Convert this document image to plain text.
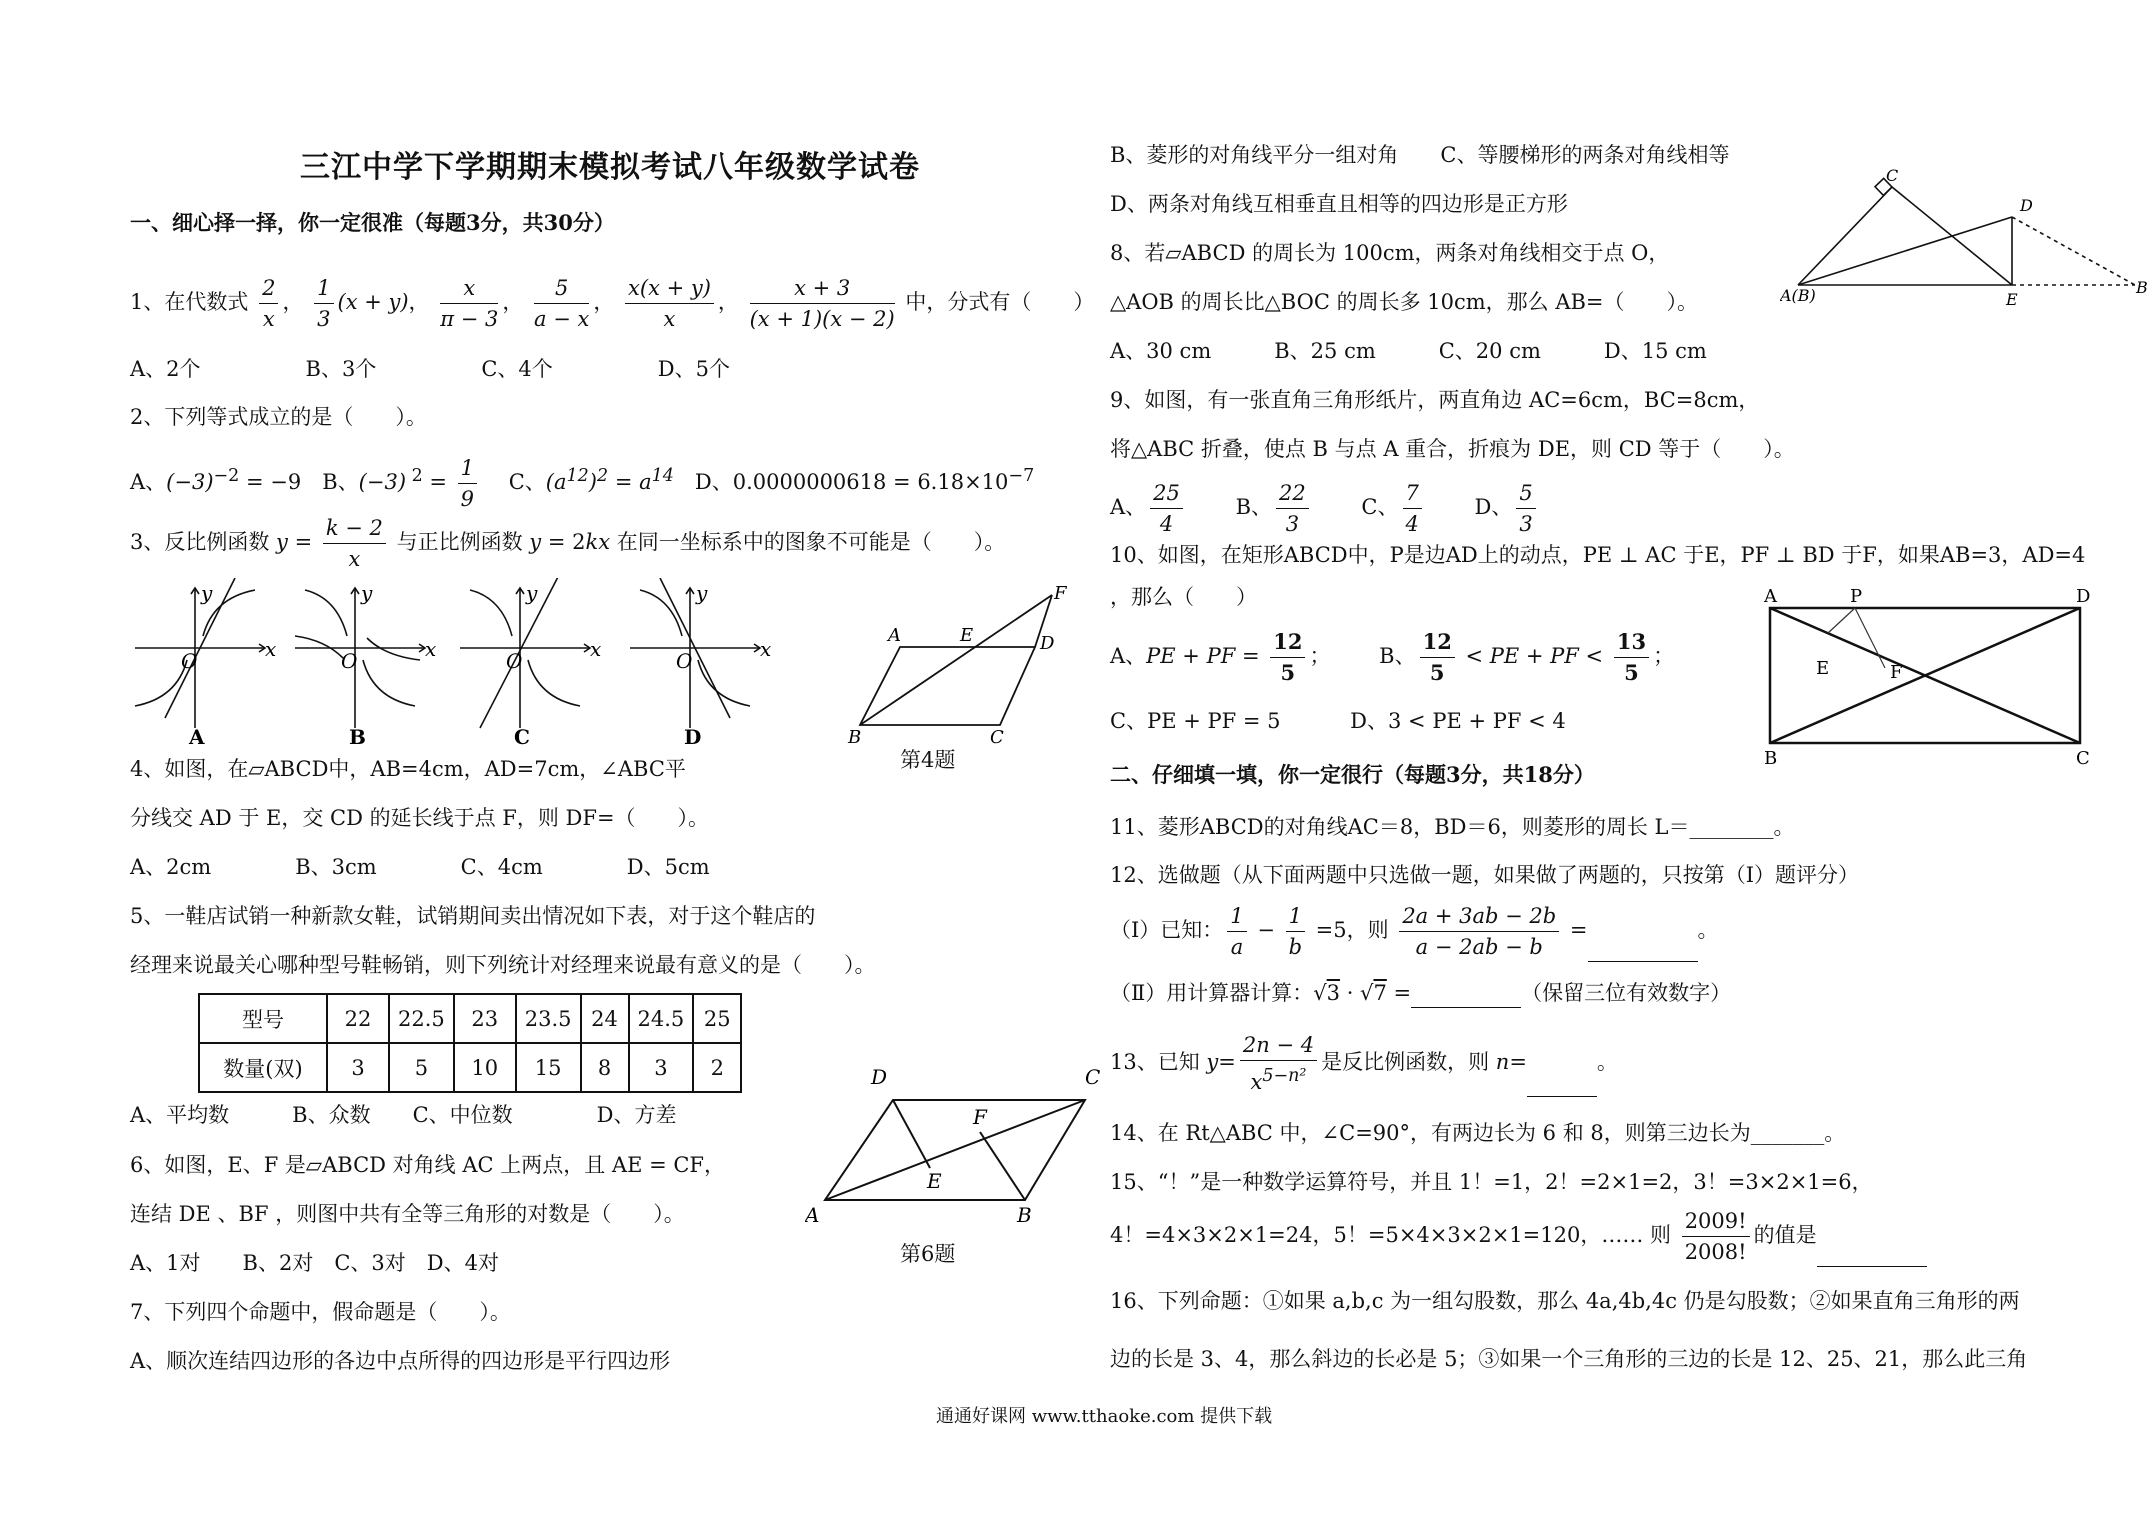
三江中学下学期期末模拟考试八年级数学试卷
一、细心择一择，你一定很准（每题3分，共30分）
1、在代数式 $\frac{2}{x}$ ， $\frac{1}{3} (x + y)$， $\frac{x}{\pi - 3}$ ， $\frac{5}{a - x}$ ， $\frac{x(x + y)}{x}$ ， $\frac{x + 3}{(x + 1)(x - 2)}$ 中，分式有（　　）
A、2个　　　　　B、3个　　　　　C、4个　　　　　D、5个
2、下列等式成立的是（　　）。
A、$(-3)^{-2} = -9$　B、(−3) $^2 = \frac{1}{9}$ 　C、$(a^{12})^2 = a^{14}$　D、$0.0000000618 = 6.18\times 10^{-7}$
3、反比例函数 $y = \frac{k - 2}{x}$ 与正比例函数 y = 2kx 在同一坐标系中的图象不可能是（　　）。
y
x
O
y
x
O
y
x
O
y
x
O
A	B	C	D
A	E	D
F
B	C
第4题
4、如图，在▱ABCD中，AB=4cm，AD=7cm，∠ABC平
分线交 AD 于 E，交 CD 的延长线于点 F，则 DF=（　　）。
A、2cm　　　　B、3cm　　　　C、4cm　　　　D、5cm
5、一鞋店试销一种新款女鞋，试销期间卖出情况如下表，对于这个鞋店的
经理来说最关心哪种型号鞋畅销，则下列统计对经理来说最有意义的是（　　）。
型号	22	22.5	23	23.5	24	24.5	25
数量(双)	3	5	10	15	8	3	2
A、平均数　　　B、众数　　C、中位数　　　　D、方差
D	C
F
E
A	B
第6题
6、如图，E、F 是▱ABCD 对角线 AC 上两点，且 AE = CF，
连结 DE 、BF ，则图中共有全等三角形的对数是（　　）。
A、1对　　B、2对　C、3对　D、4对
7、下列四个命题中，假命题是（　　）。
A、顺次连结四边形的各边中点所得的四边形是平行四边形
B、菱形的对角线平分一组对角　　C、等腰梯形的两条对角线相等
D、两条对角线互相垂直且相等的四边形是正方形
C
D
A(B)	E
B
8、若▱ABCD 的周长为 100cm，两条对角线相交于点 O，
△AOB 的周长比△BOC 的周长多 10cm，那么 AB=（　　）。
A、30 cm　　　B、25 cm　　　C、20 cm　　　D、15 cm
9、如图，有一张直角三角形纸片，两直角边 AC=6cm，BC=8cm，
将△ABC 折叠，使点 B 与点 A 重合，折痕为 DE，则 CD 等于（　　）。
A、 $\frac{25}{4}$ 　　 B、 $\frac{22}{3}$ 　　 C、 $\frac{7}{4}$ 　　 D、 $\frac{5}{3}$
10、如图，在矩形ABCD中，P是边AD上的动点，PE ⊥ AC 于E，PF ⊥ BD 于F，如果AB=3，AD=4
，那么（　　）	A	P	D
E	F
B	C
A、PE + PF = $\frac{12}{5}$ ； 　　B、 $\frac{12}{5}$ < PE + PF < $\frac{13}{5}$ ；
C、PE + PF = 5 　　　	D、3 < PE + PF < 4
二、仔细填一填，你一定很行（每题3分，共18分）
11、菱形ABCD的对角线AC＝8，BD＝6，则菱形的周长 L＝________。
12、选做题（从下面两题中只选做一题，如果做了两题的，只按第（Ⅰ）题评分）
（Ⅰ）已知： $\frac{1}{a} - \frac{1}{b} =5$，则 $\frac{2a + 3ab - 2b}{a - 2ab - b}$ =	。
（Ⅱ）用计算器计算：√3 · √7 =	（保留三位有效数字）
13、已知 $y= \frac{2n - 4}{x^{5-n^2}}$ 是反比例函数，则 n=	。
14、在 Rt△ABC 中，∠C=90°，有两边长为 6 和 8，则第三边长为_______。
15、“！”是一种数学运算符号，并且 1！=1，2！=2×1=2，3！=3×2×1=6，
4！=4×3×2×1=24，5！=5×4×3×2×1=120，…… 则 $\frac{2009!}{2008!}$ 的值是
16、下列命题：①如果 a,b,c 为一组勾股数，那么 4a,4b,4c 仍是勾股数；②如果直角三角形的两
边的长是 3、4，那么斜边的长必是 5；③如果一个三角形的三边的长是 12、25、21，那么此三角
通通好课网 www.tthaoke.com 提供下载
